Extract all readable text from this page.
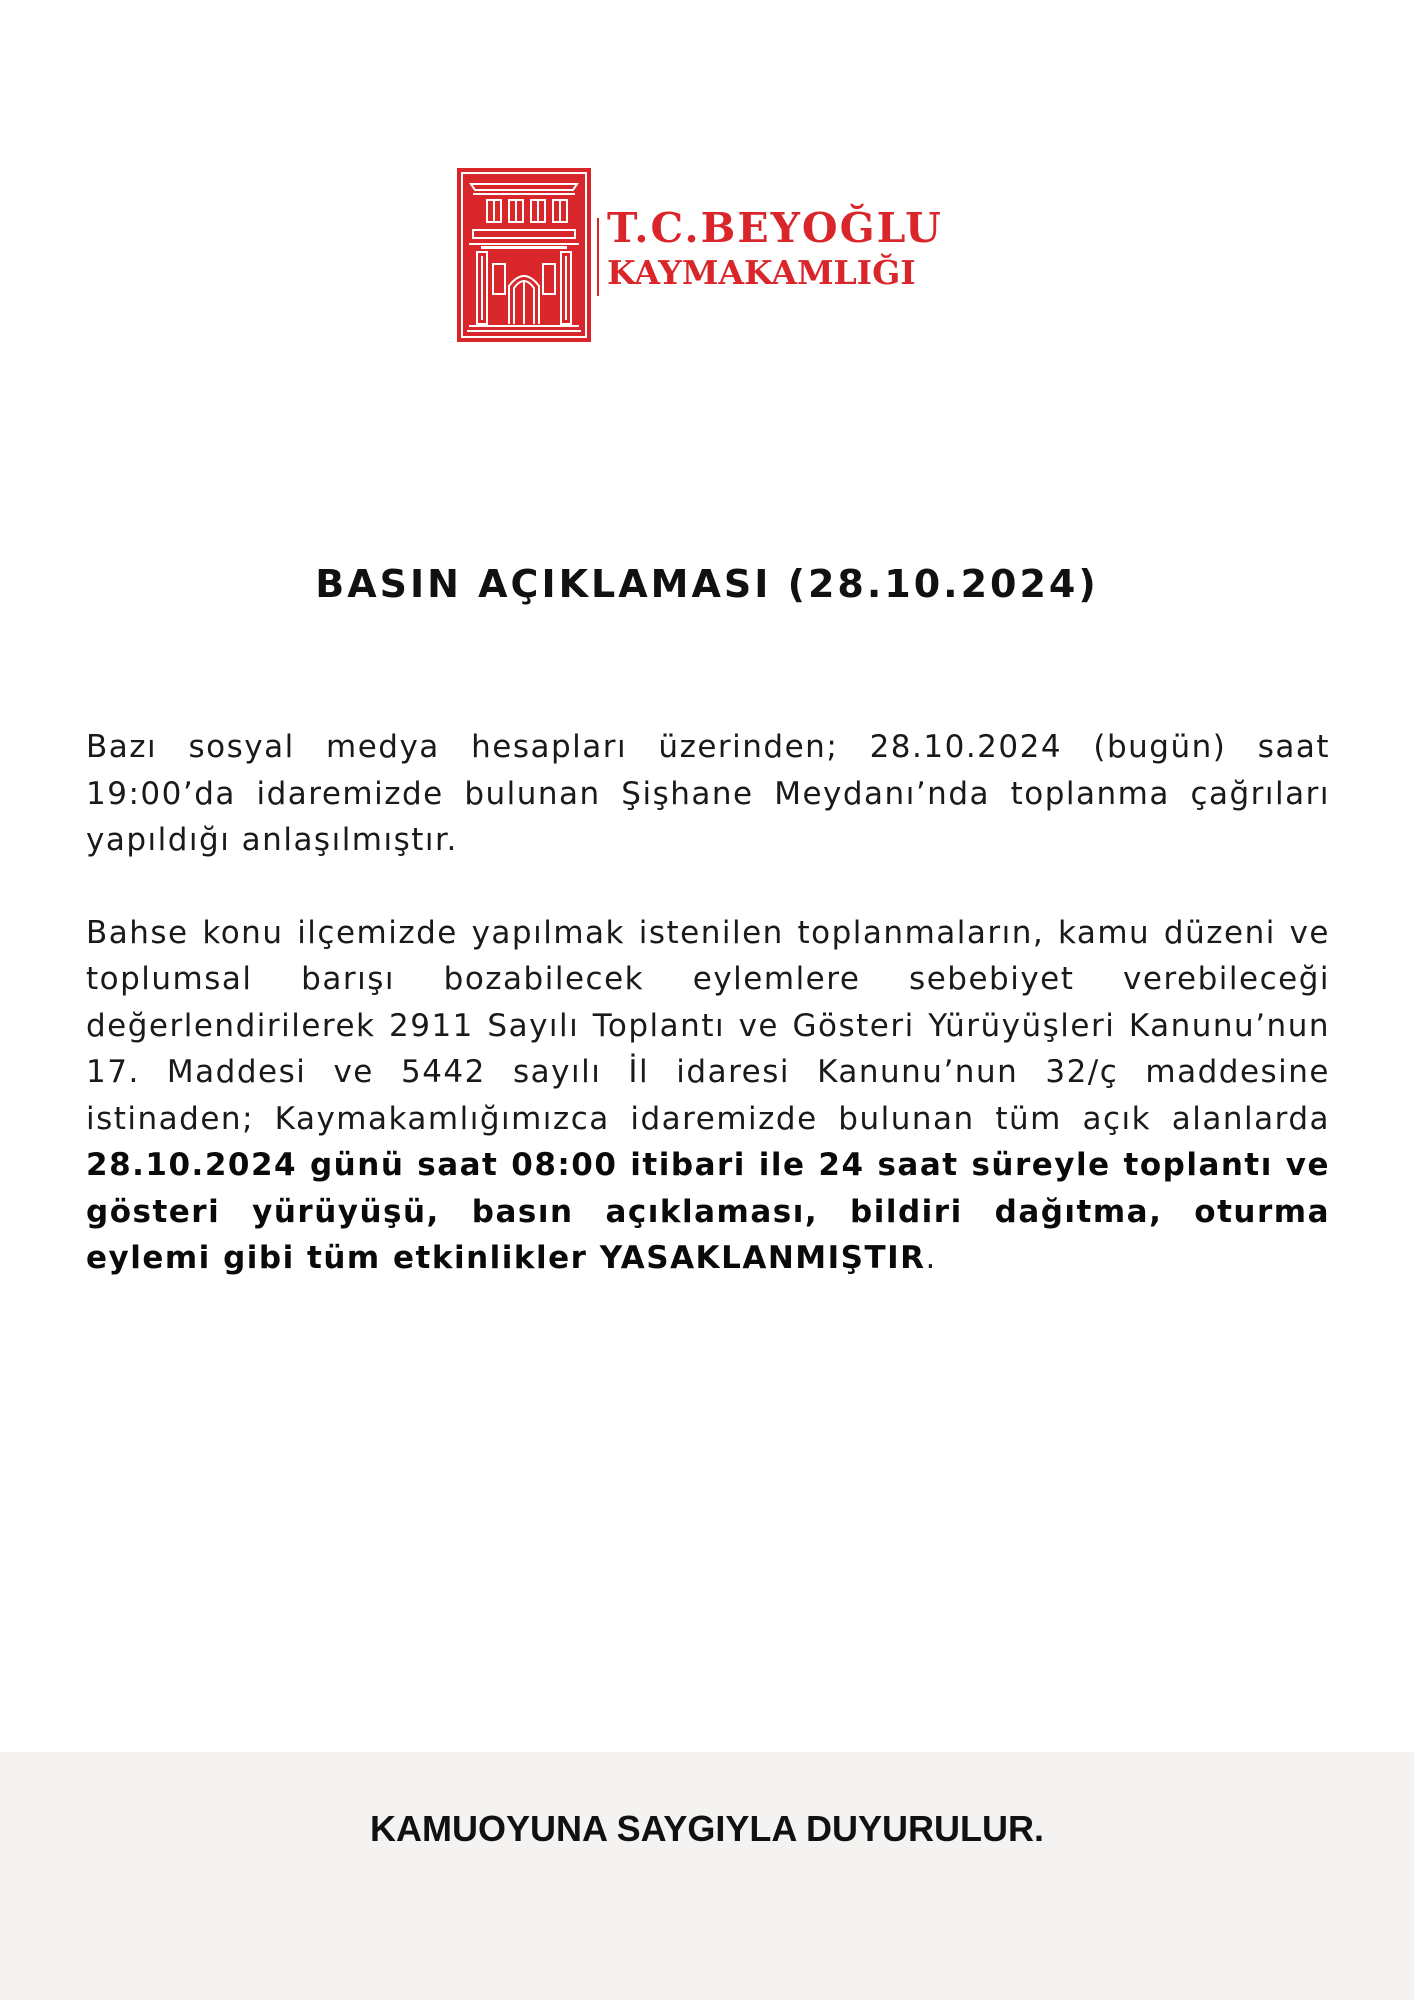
T.C.BEYOĞLU
KAYMAKAMLIĞI
BASIN AÇIKLAMASI (28.10.2024)

Bazı sosyal medya hesapları üzerinden; 28.10.2024 (bugün) saat 19:00’da idaremizde bulunan Şişhane Meydanı’nda toplanma çağrıları yapıldığı anlaşılmıştır.

Bahse konu ilçemizde yapılmak istenilen toplanmaların, kamu düzeni ve toplumsal barışı bozabilecek eylemlere sebebiyet verebileceği değerlendirilerek 2911 Sayılı Toplantı ve Gösteri Yürüyüşleri Kanunu’nun 17. Maddesi ve 5442 sayılı İl idaresi Kanunu’nun 32/ç maddesine istinaden; Kaymakamlığımızca idaremizde bulunan tüm açık alanlarda 28.10.2024 günü saat 08:00 itibari ile 24 saat süreyle toplantı ve gösteri yürüyüşü, basın açıklaması, bildiri dağıtma, oturma eylemi gibi tüm etkinlikler YASAKLANMIŞTIR.

KAMUOYUNA SAYGIYLA DUYURULUR.
